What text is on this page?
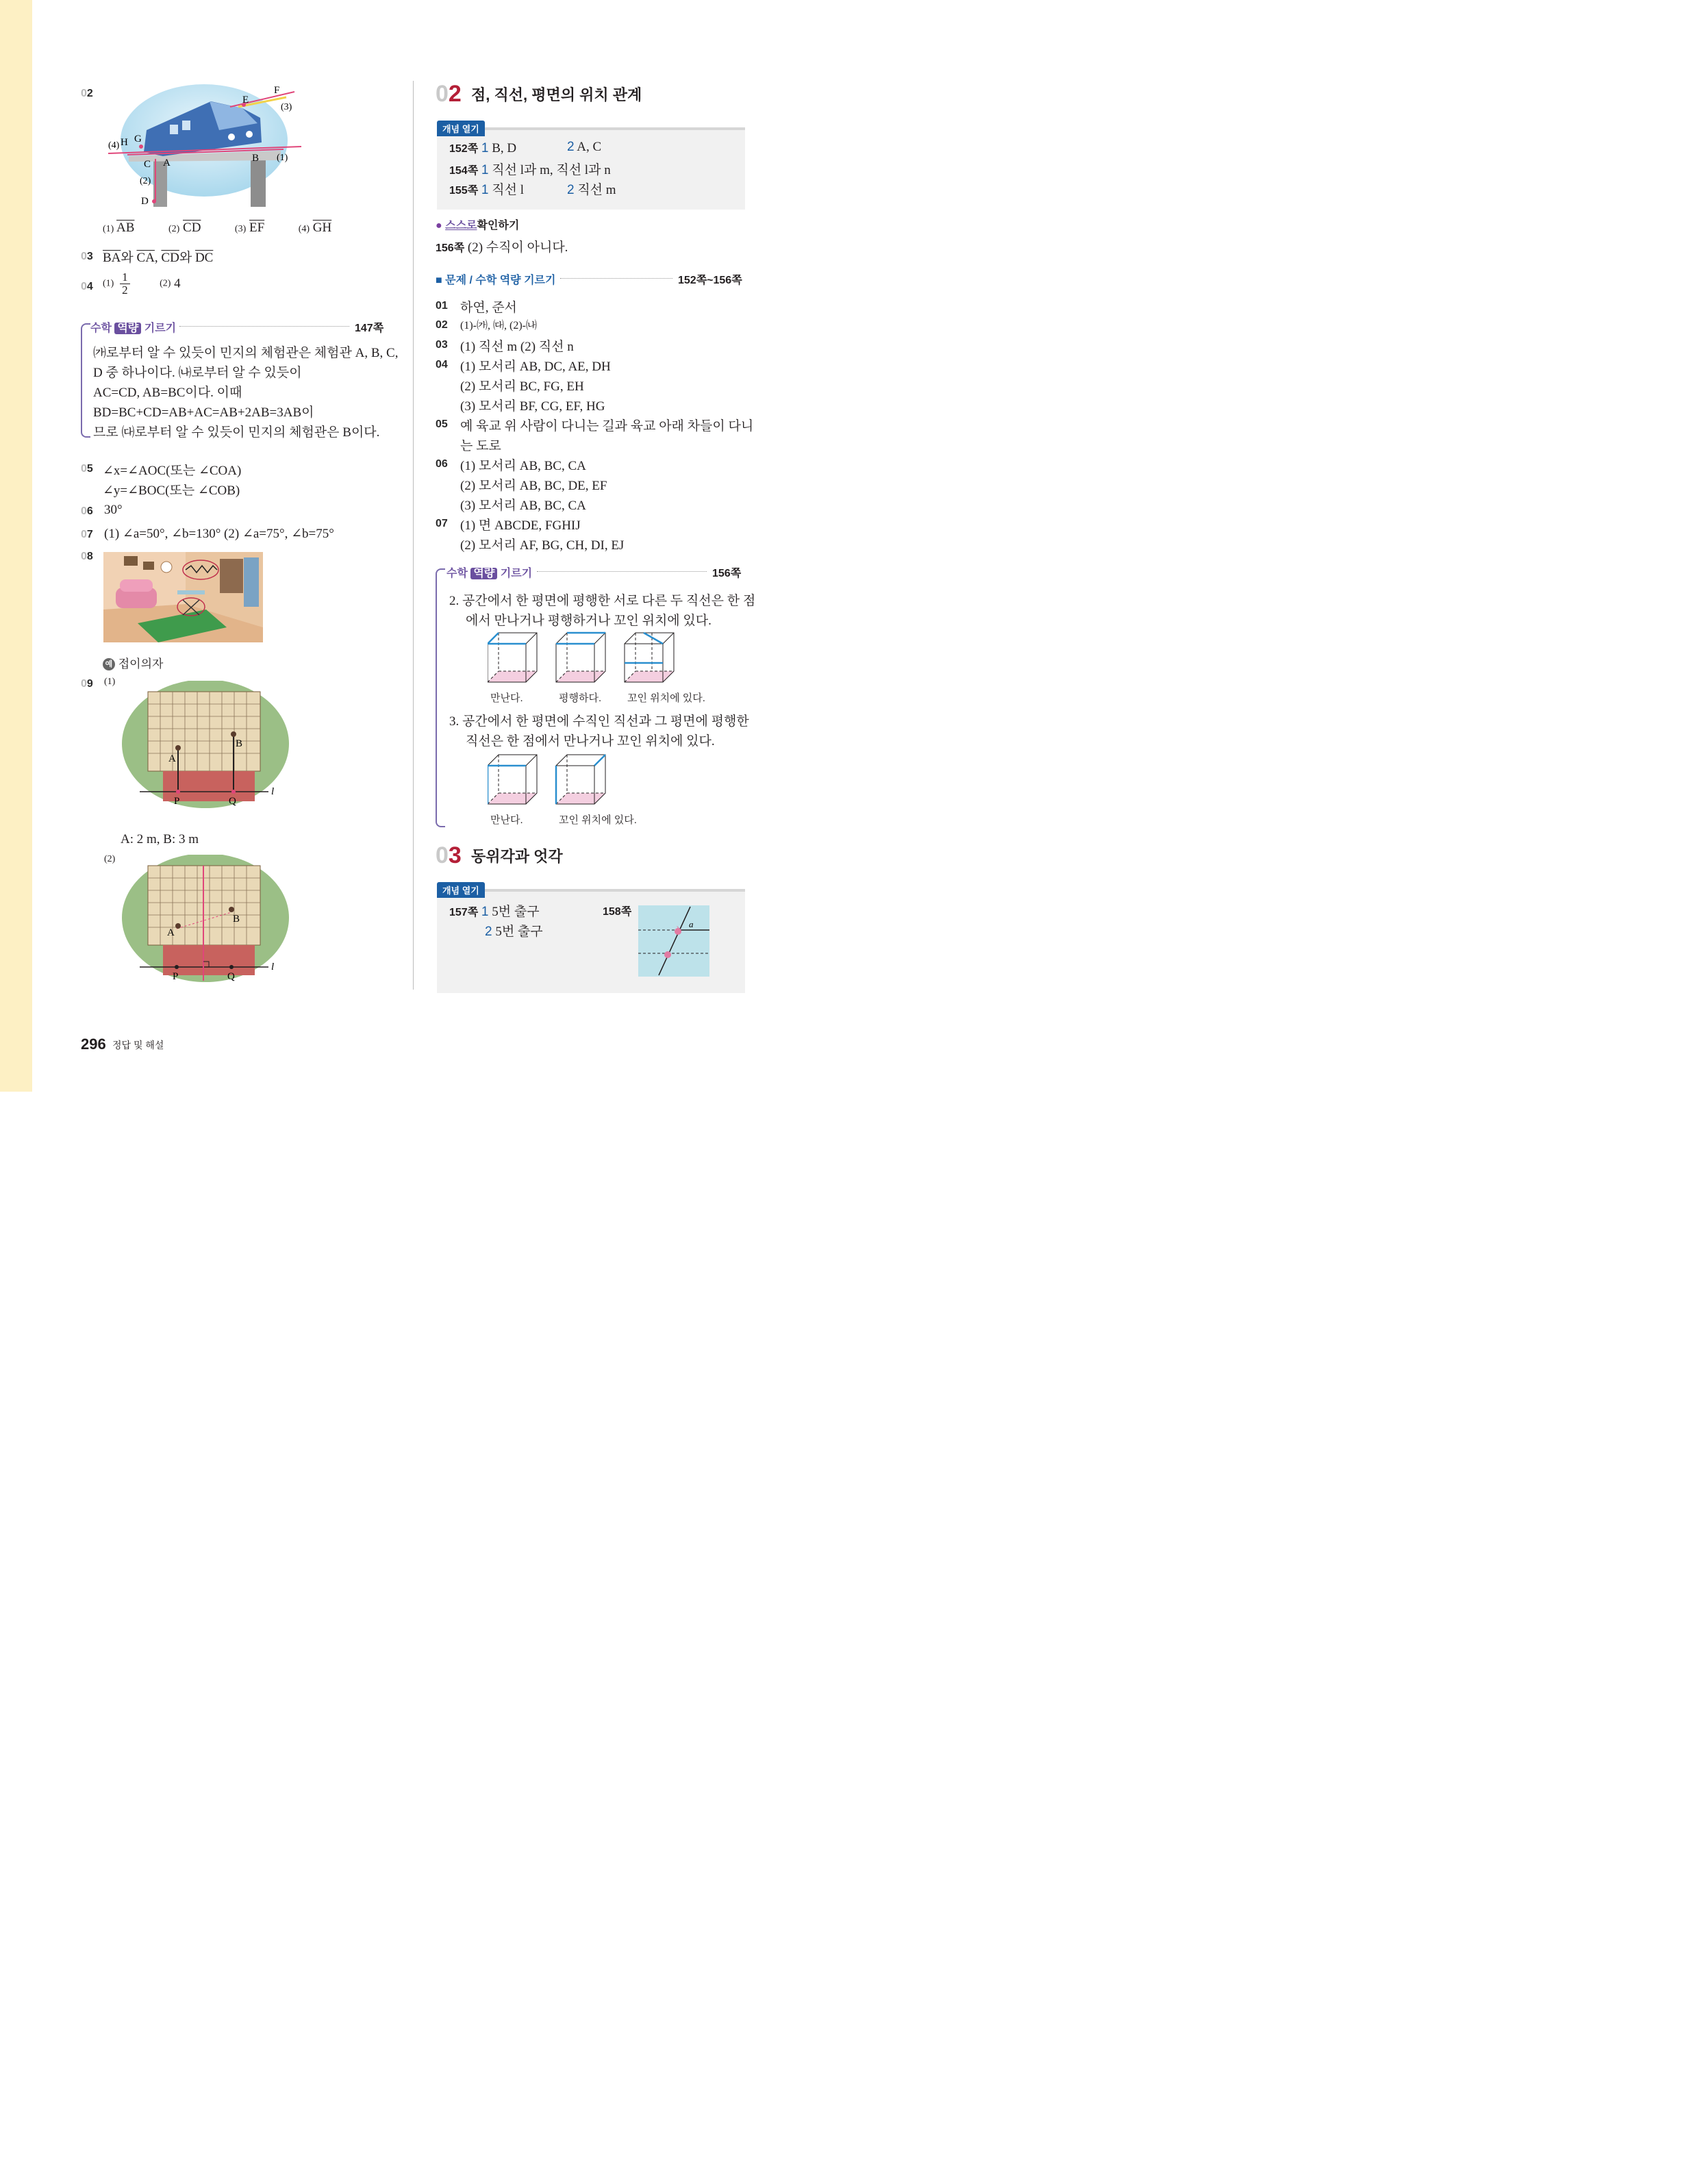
02
(4) H G
C A	B (1)
(2)
D
E
F
(3)
(1) $\overline{AB}$	(2) $\overline{CD}$	(3) $\overline{EF}$	(4) $\overline{GH}$
03 $\overline{BA}$와 $\overline{CA}$, $\overline{CD}$와 $\overline{DC}$
04 $(1) \frac{1}{2}$	(2) 4
수학 역량 기르기	147쪽
㈎로부터 알 수 있듯이 민지의 체험관은 체험관 A, B, C,
D 중 하나이다. ㈏로부터 알 수 있듯이
AC=CD, AB=BC이다. 이때
BD=BC+CD=AB+AC=AB+2AB=3AB이
므로 ㈐로부터 알 수 있듯이 민지의 체험관은 B이다.
05 ∠x=∠AOC(또는 ∠COA)
∠y=∠BOC(또는 ∠COB)
06 30°
07 (1) ∠a=50°, ∠b=130° (2) ∠a=75°, ∠b=75°
08
예 접이의자
09 (1)
A
B
P	Q
l
A: 2 m, B: 3 m
(2)
A
B
P	Q
l
02 점, 직선, 평면의 위치 관계
개념 열기
152쪽 1 B, D	2 A, C
154쪽 1 직선 l과 m, 직선 l과 n
155쪽 1 직선 l	2 직선 m
● 스스로확인하기
156쪽 (2) 수직이 아니다.
■ 문제 / 수학 역량 기르기	152쪽~156쪽
01 하연, 준서
02 (1)-㈎, ㈐, (2)-㈏
03 (1) 직선 m (2) 직선 n
04 (1) 모서리 AB, DC, AE, DH
(2) 모서리 BC, FG, EH
(3) 모서리 BF, CG, EF, HG
05 예 육교 위 사람이 다니는 길과 육교 아래 차들이 다니
는 도로
06 (1) 모서리 AB, BC, CA
(2) 모서리 AB, BC, DE, EF
(3) 모서리 AB, BC, CA
07 (1) 면 ABCDE, FGHIJ
(2) 모서리 AF, BG, CH, DI, EJ
수학 역량 기르기	156쪽
2. 공간에서 한 평면에 평행한 서로 다른 두 직선은 한 점
에서 만나거나 평행하거나 꼬인 위치에 있다.
만난다.	평행하다.	꼬인 위치에 있다.
3. 공간에서 한 평면에 수직인 직선과 그 평면에 평행한
직선은 한 점에서 만나거나 꼬인 위치에 있다.
만난다.	꼬인 위치에 있다.
03 동위각과 엇각
개념 열기
157쪽 1 5번 출구
2 5번 출구
158쪽
a
296 정답 및 해설
